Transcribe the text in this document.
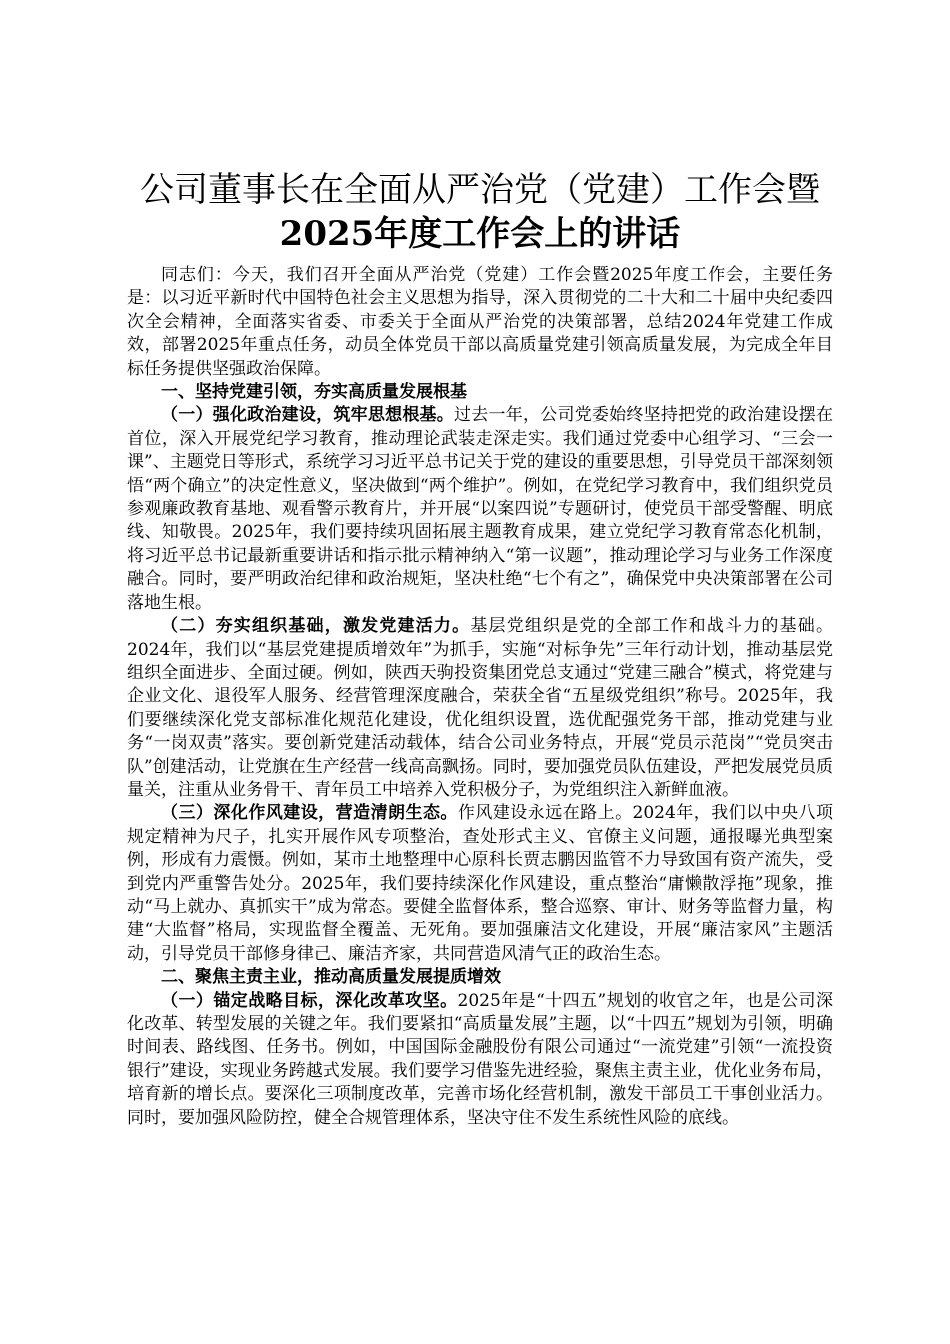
公司董事长在全面从严治党（党建）工作会暨
2025年度工作会上的讲话

同志们：今天，我们召开全面从严治党（党建）工作会暨2025年度工作会，主要任务是：以习近平新时代中国特色社会主义思想为指导，深入贯彻党的二十大和二十届中央纪委四次全会精神，全面落实省委、市委关于全面从严治党的决策部署，总结2024年党建工作成效，部署2025年重点任务，动员全体党员干部以高质量党建引领高质量发展，为完成全年目标任务提供坚强政治保障。

一、坚持党建引领，夯实高质量发展根基

（一）强化政治建设，筑牢思想根基。过去一年，公司党委始终坚持把党的政治建设摆在首位，深入开展党纪学习教育，推动理论武装走深走实。我们通过党委中心组学习、“三会一课”、主题党日等形式，系统学习习近平总书记关于党的建设的重要思想，引导党员干部深刻领悟“两个确立”的决定性意义，坚决做到“两个维护”。例如，在党纪学习教育中，我们组织党员参观廉政教育基地、观看警示教育片，并开展“以案四说”专题研讨，使党员干部受警醒、明底线、知敬畏。2025年，我们要持续巩固拓展主题教育成果，建立党纪学习教育常态化机制，将习近平总书记最新重要讲话和指示批示精神纳入“第一议题”，推动理论学习与业务工作深度融合。同时，要严明政治纪律和政治规矩，坚决杜绝“七个有之”，确保党中央决策部署在公司落地生根。

（二）夯实组织基础，激发党建活力。基层党组织是党的全部工作和战斗力的基础。2024年，我们以“基层党建提质增效年”为抓手，实施“对标争先”三年行动计划，推动基层党组织全面进步、全面过硬。例如，陕西天驹投资集团党总支通过“党建三融合”模式，将党建与企业文化、退役军人服务、经营管理深度融合，荣获全省“五星级党组织”称号。2025年，我们要继续深化党支部标准化规范化建设，优化组织设置，选优配强党务干部，推动党建与业务“一岗双责”落实。要创新党建活动载体，结合公司业务特点，开展“党员示范岗”“党员突击队”创建活动，让党旗在生产经营一线高高飘扬。同时，要加强党员队伍建设，严把发展党员质量关，注重从业务骨干、青年员工中培养入党积极分子，为党组织注入新鲜血液。

（三）深化作风建设，营造清朗生态。作风建设永远在路上。2024年，我们以中央八项规定精神为尺子，扎实开展作风专项整治，查处形式主义、官僚主义问题，通报曝光典型案例，形成有力震慑。例如，某市土地整理中心原科长贾志鹏因监管不力导致国有资产流失，受到党内严重警告处分。2025年，我们要持续深化作风建设，重点整治“庸懒散浮拖”现象，推动“马上就办、真抓实干”成为常态。要健全监督体系，整合巡察、审计、财务等监督力量，构建“大监督”格局，实现监督全覆盖、无死角。要加强廉洁文化建设，开展“廉洁家风”主题活动，引导党员干部修身律己、廉洁齐家，共同营造风清气正的政治生态。

二、聚焦主责主业，推动高质量发展提质增效

（一）锚定战略目标，深化改革攻坚。2025年是“十四五”规划的收官之年，也是公司深化改革、转型发展的关键之年。我们要紧扣“高质量发展”主题，以“十四五”规划为引领，明确时间表、路线图、任务书。例如，中国国际金融股份有限公司通过“一流党建”引领“一流投资银行”建设，实现业务跨越式发展。我们要学习借鉴先进经验，聚焦主责主业，优化业务布局，培育新的增长点。要深化三项制度改革，完善市场化经营机制，激发干部员工干事创业活力。同时，要加强风险防控，健全合规管理体系，坚决守住不发生系统性风险的底线。
